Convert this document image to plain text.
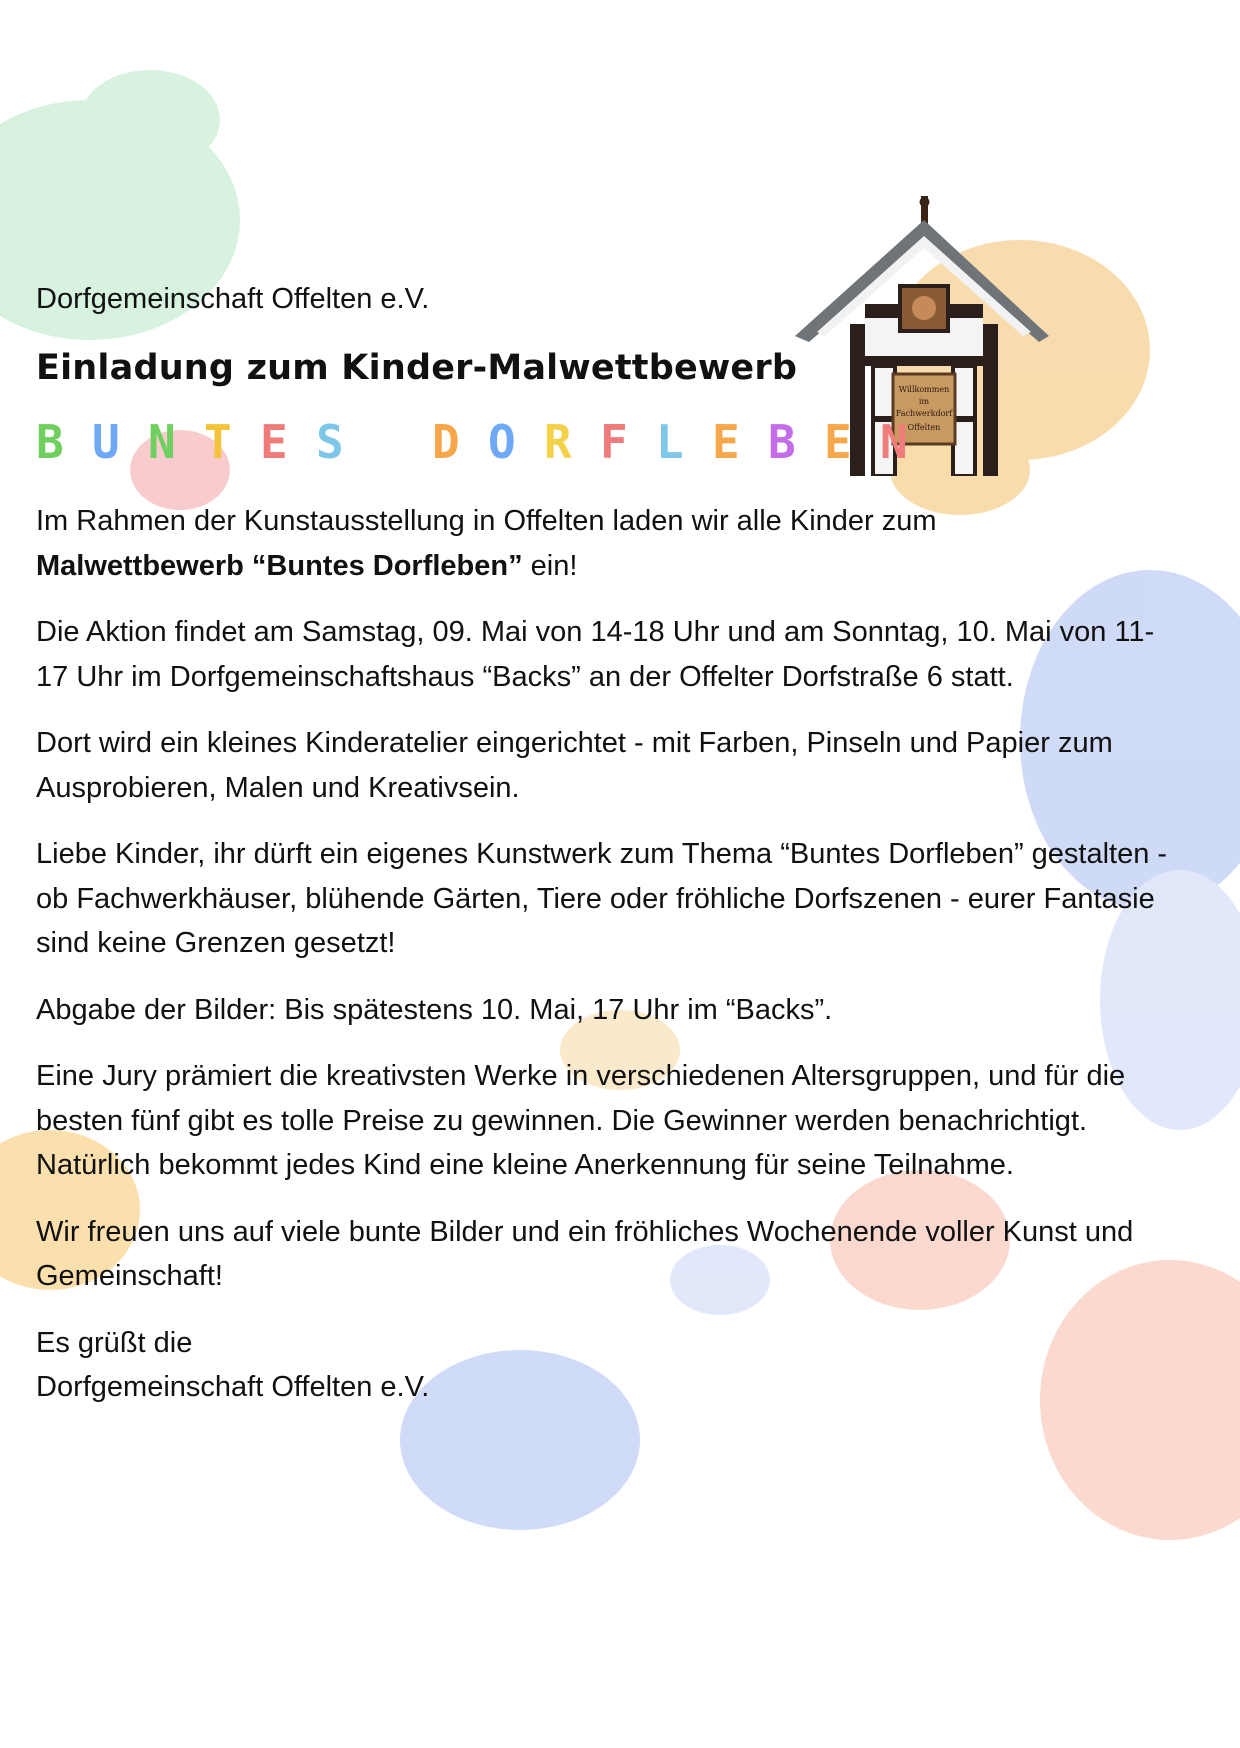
Willkommen
im
Fachwerkdorf
Offelten

Dorfgemeinschaft Offelten e.V.

Einladung zum Kinder-Malwettbewerb
B U N T E S D O R F L E B E N

Im Rahmen der Kunstausstellung in Offelten laden wir alle Kinder zum
Malwettbewerb “Buntes Dorfleben” ein!

Die Aktion findet am Samstag, 09. Mai von 14-18 Uhr und am Sonntag, 10. Mai von 11-17 Uhr im Dorfgemeinschaftshaus “Backs” an der Offelter Dorfstraße 6 statt.

Dort wird ein kleines Kinderatelier eingerichtet - mit Farben, Pinseln und Papier zum Ausprobieren, Malen und Kreativsein.

Liebe Kinder, ihr dürft ein eigenes Kunstwerk zum Thema “Buntes Dorfleben” gestalten - ob Fachwerkhäuser, blühende Gärten, Tiere oder fröhliche Dorfszenen - eurer Fantasie sind keine Grenzen gesetzt!

Abgabe der Bilder: Bis spätestens 10. Mai, 17 Uhr im “Backs”.

Eine Jury prämiert die kreativsten Werke in verschiedenen Altersgruppen, und für die besten fünf gibt es tolle Preise zu gewinnen. Die Gewinner werden benachrichtigt. Natürlich bekommt jedes Kind eine kleine Anerkennung für seine Teilnahme.

Wir freuen uns auf viele bunte Bilder und ein fröhliches Wochenende voller Kunst und Gemeinschaft!

Es grüßt die
Dorfgemeinschaft Offelten e.V.
